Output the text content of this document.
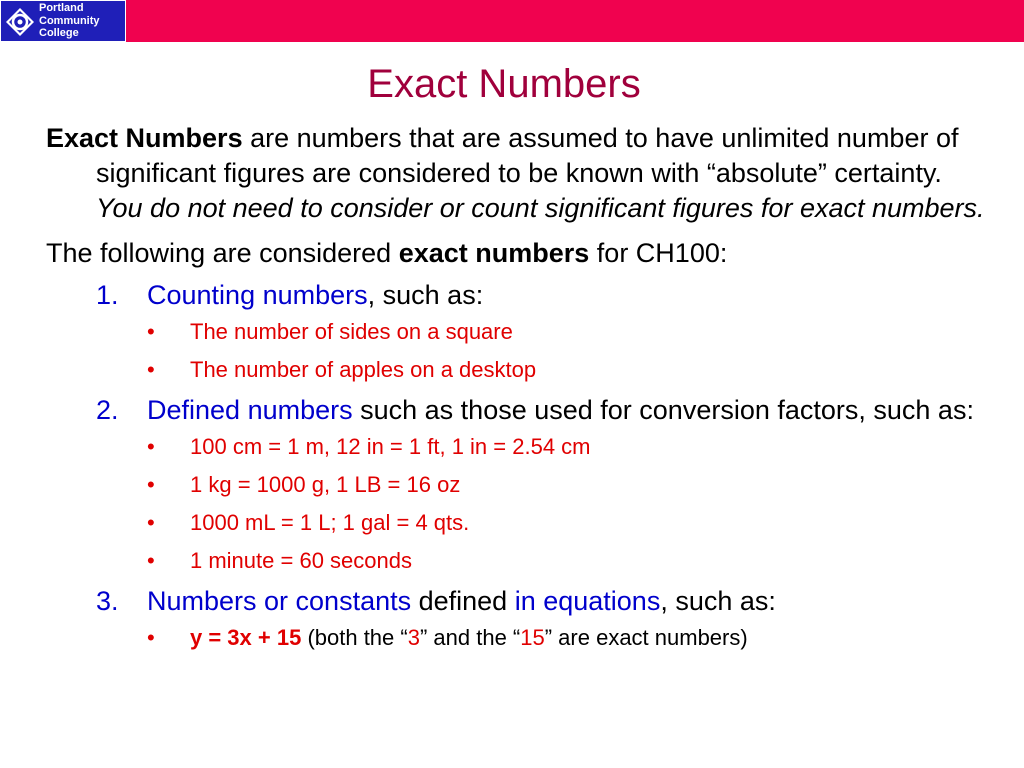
Portland
Community
College
Exact Numbers

Exact Numbers are numbers that are assumed to have unlimited number of significant figures are considered to be known with “absolute” certainty. You do not need to consider or count significant figures for exact numbers.

The following are considered exact numbers for CH100:

1. Counting numbers, such as:
• The number of sides on a square
• The number of apples on a desktop
2. Defined numbers such as those used for conversion factors, such as:
• 100 cm = 1 m, 12 in = 1 ft, 1 in = 2.54 cm
• 1 kg = 1000 g, 1 LB = 16 oz
• 1000 mL = 1 L; 1 gal = 4 qts.
• 1 minute = 60 seconds
3. Numbers or constants defined in equations, such as:
• y = 3x + 15 (both the “3” and the “15” are exact numbers)
